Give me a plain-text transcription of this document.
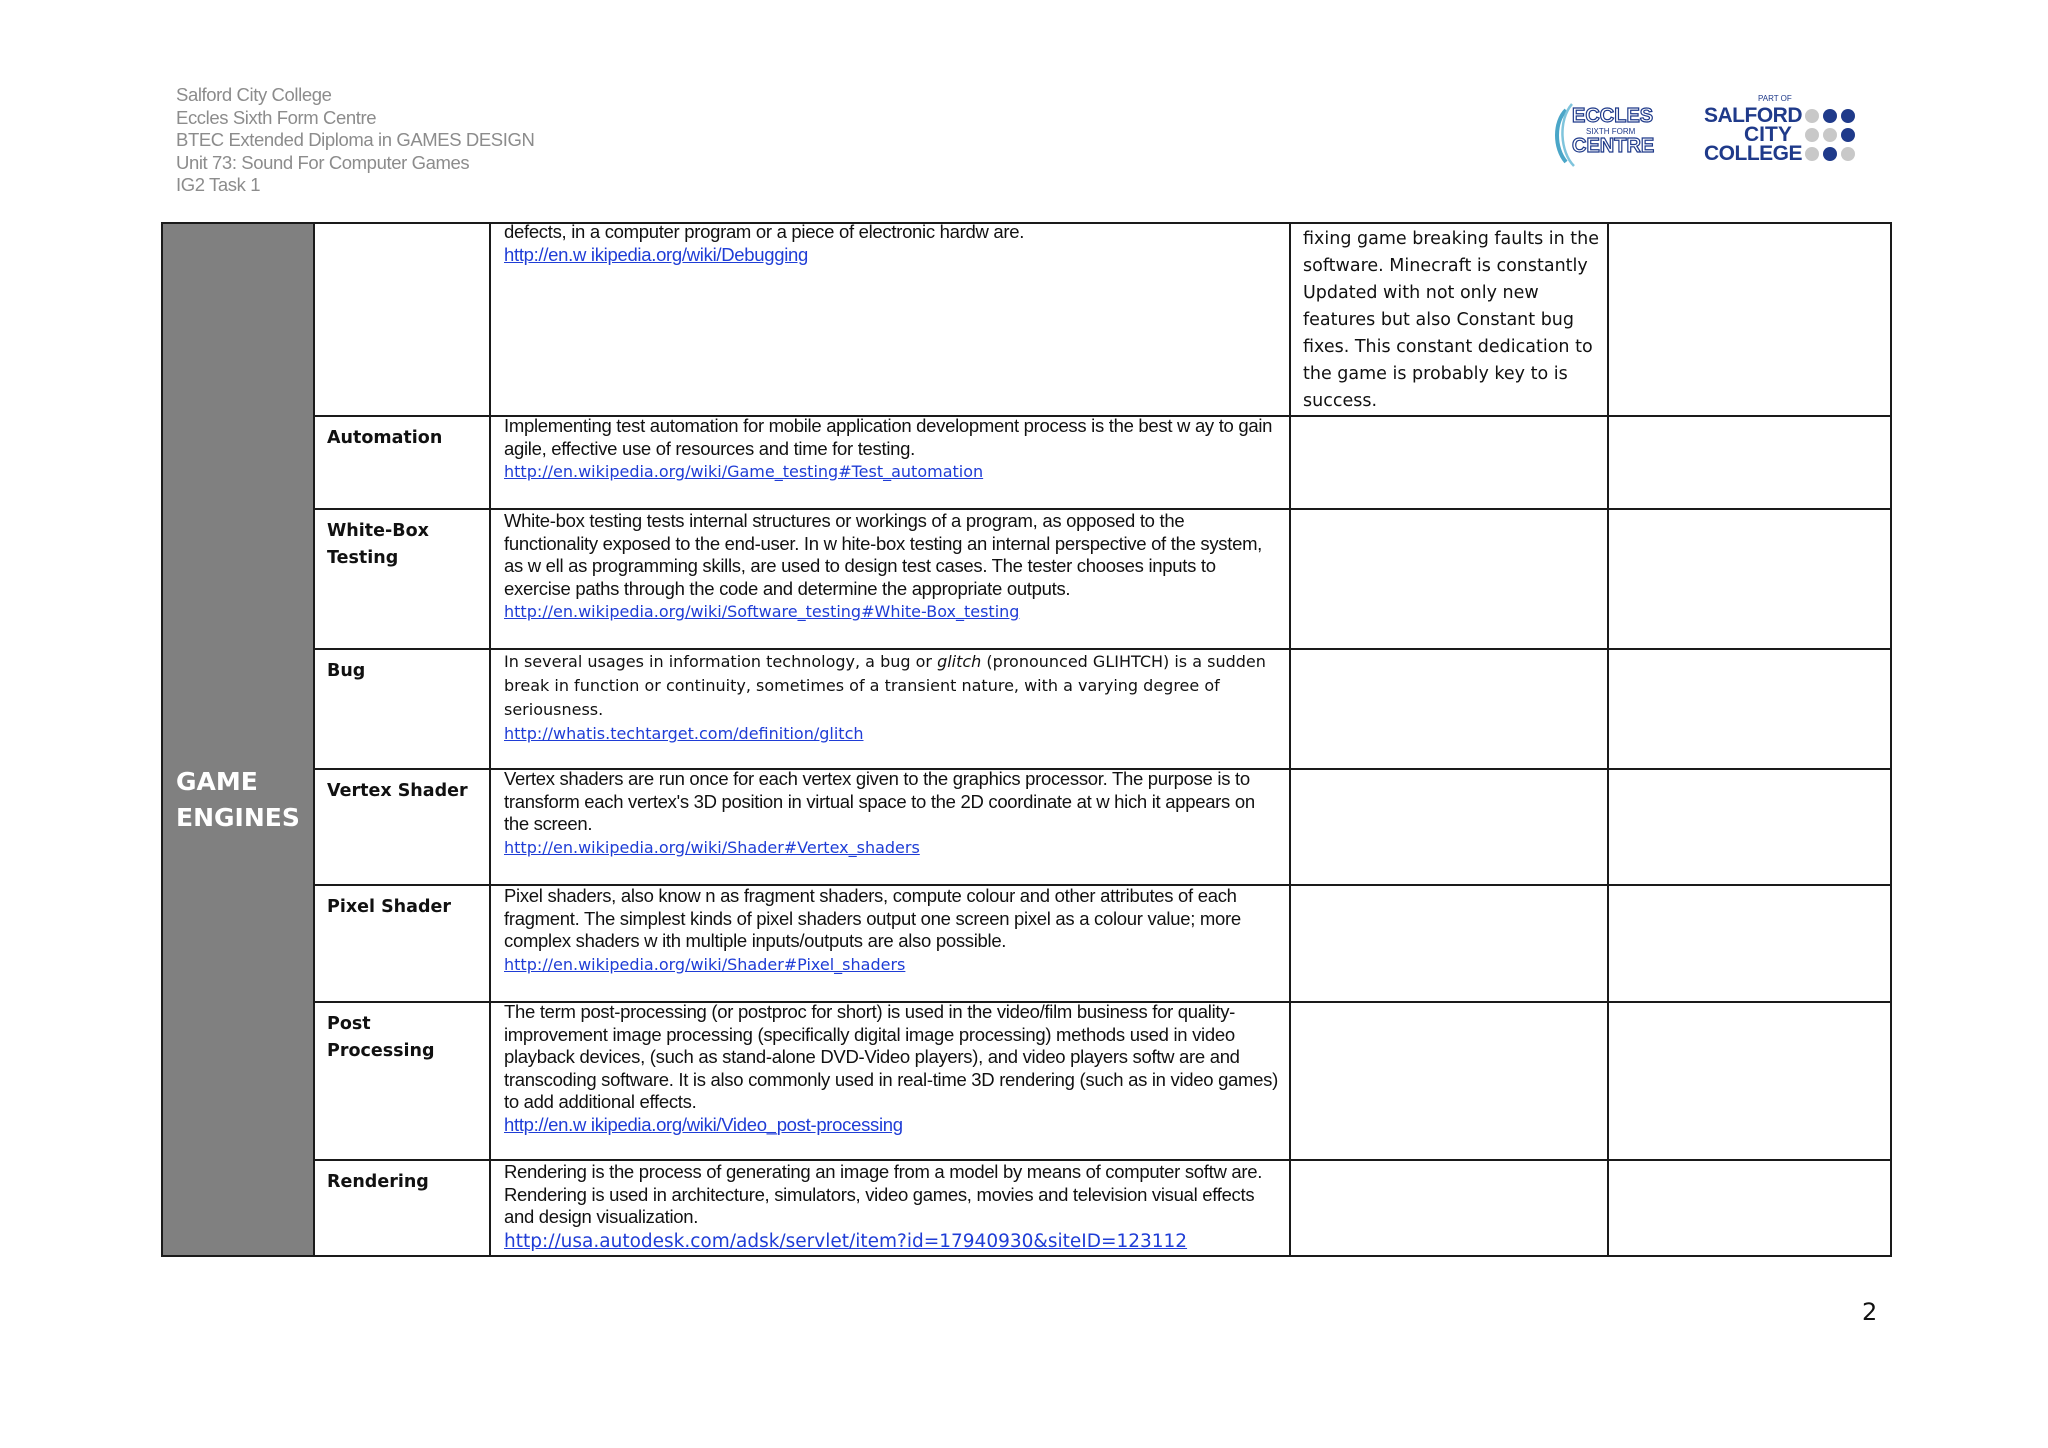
Salford City College
Eccles Sixth Form Centre
BTEC Extended Diploma in GAMES DESIGN
Unit 73: Sound For Computer Games
IG2 Task 1
ECCLES
SIXTH FORM
CENTRE
PART OF
SALFORD
CITY
COLLEGE
GAME ENGINES		defects, in a computer program or a piece of electronic hardw are.
http://en.w ikipedia.org/wiki/Debugging	fixing game breaking faults in the software. Minecraft is constantly Updated with not only new features but also Constant bug fixes. This constant dedication to the game is probably key to is success.	
	Automation	Implementing test automation for mobile application development process is the best w ay to gain agile, effective use of resources and time for testing.
http://en.wikipedia.org/wiki/Game_testing#Test_automation		

	White-Box Testing	White-box testing tests internal structures or workings of a program, as opposed to the functionality exposed to the end-user. In w hite-box testing an internal perspective of the system, as w ell as programming skills, are used to design test cases. The tester chooses inputs to exercise paths through the code and determine the appropriate outputs.
http://en.wikipedia.org/wiki/Software_testing#White-Box_testing		

	Bug	In several usages in information technology, a bug or glitch (pronounced GLIHTCH) is a sudden break in function or continuity, sometimes of a transient nature, with a varying degree of seriousness.
http://whatis.techtarget.com/definition/glitch		

	Vertex Shader	Vertex shaders are run once for each vertex given to the graphics processor. The purpose is to transform each vertex's 3D position in virtual space to the 2D coordinate at w hich it appears on the screen.
http://en.wikipedia.org/wiki/Shader#Vertex_shaders		

	Pixel Shader	Pixel shaders, also know n as fragment shaders, compute colour and other attributes of each fragment. The simplest kinds of pixel shaders output one screen pixel as a colour value; more complex shaders w ith multiple inputs/outputs are also possible.
http://en.wikipedia.org/wiki/Shader#Pixel_shaders		

	Post Processing	The term post-processing (or postproc for short) is used in the video/film business for quality-improvement image processing (specifically digital image processing) methods used in video playback devices, (such as stand-alone DVD-Video players), and video players softw are and transcoding software. It is also commonly used in real-time 3D rendering (such as in video games) to add additional effects.
http://en.w ikipedia.org/wiki/Video_post-processing		

	Rendering	Rendering is the process of generating an image from a model by means of computer softw are. Rendering is used in architecture, simulators, video games, movies and television visual effects and design visualization.
http://usa.autodesk.com/adsk/servlet/item?id=17940930&siteID=123112		

2
